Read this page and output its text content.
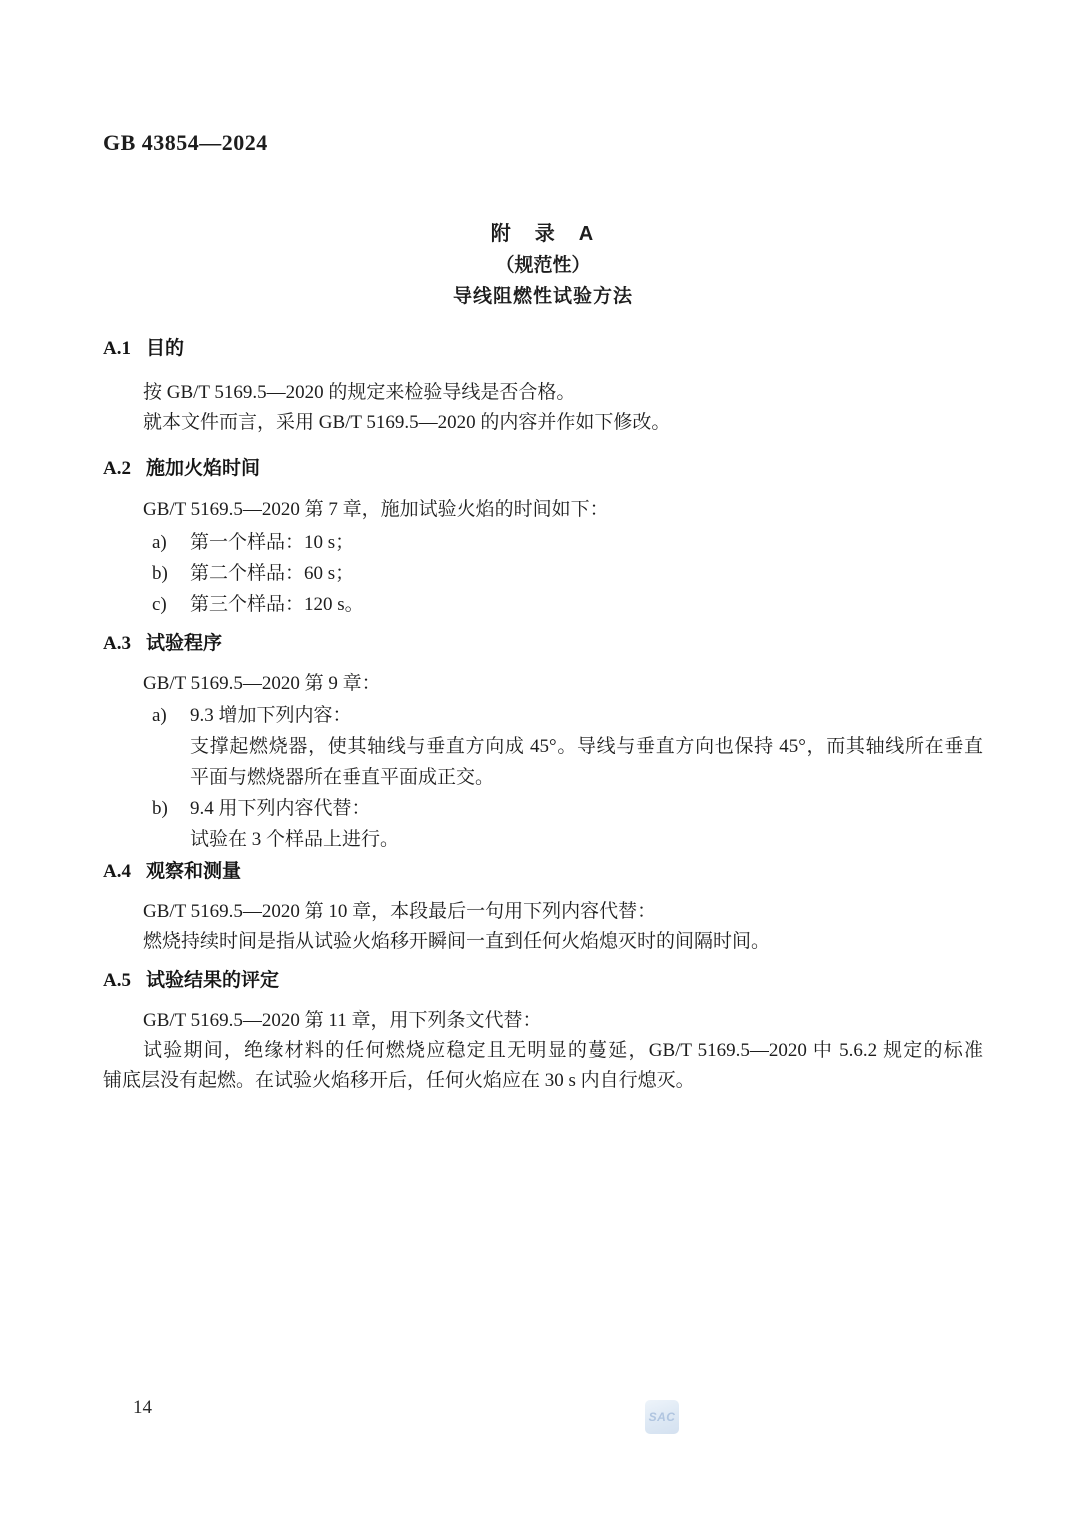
GB 43854—2024
附　录　A
（规范性）
导线阻燃性试验方法
A.1 目的

按 GB/T 5169.5—2020 的规定来检验导线是否合格。

就本文件而言，采用 GB/T 5169.5—2020 的内容并作如下修改。

A.2 施加火焰时间

GB/T 5169.5—2020 第 7 章，施加试验火焰的时间如下：

a)	第一个样品：10 s；
b)	第二个样品：60 s；
c)	第三个样品：120 s。
A.3 试验程序

GB/T 5169.5—2020 第 9 章：

a)	9.3 增加下列内容：
支撑起燃烧器，使其轴线与垂直方向成 45°。导线与垂直方向也保持 45°，而其轴线所在垂直
平面与燃烧器所在垂直平面成正交。
b)	9.4 用下列内容代替：
试验在 3 个样品上进行。
A.4 观察和测量

GB/T 5169.5—2020 第 10 章，本段最后一句用下列内容代替：

燃烧持续时间是指从试验火焰移开瞬间一直到任何火焰熄灭时的间隔时间。

A.5 试验结果的评定

GB/T 5169.5—2020 第 11 章，用下列条文代替：

试验期间，绝缘材料的任何燃烧应稳定且无明显的蔓延，GB/T 5169.5—2020 中 5.6.2 规定的标准
铺底层没有起燃。在试验火焰移开后，任何火焰应在 30 s 内自行熄灭。
14	SAC
